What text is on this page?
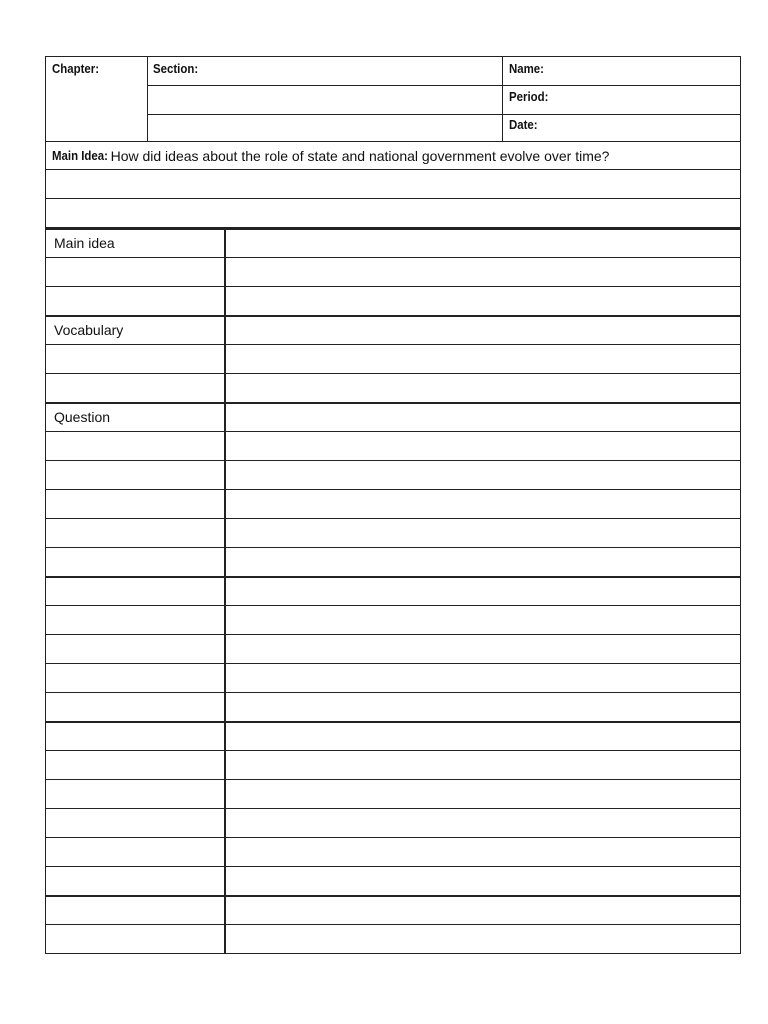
Chapter:	Section:	Name:
Period:
Date:
Main Idea: How did ideas about the role of state and national government evolve over time?
Main idea
Vocabulary
Question
